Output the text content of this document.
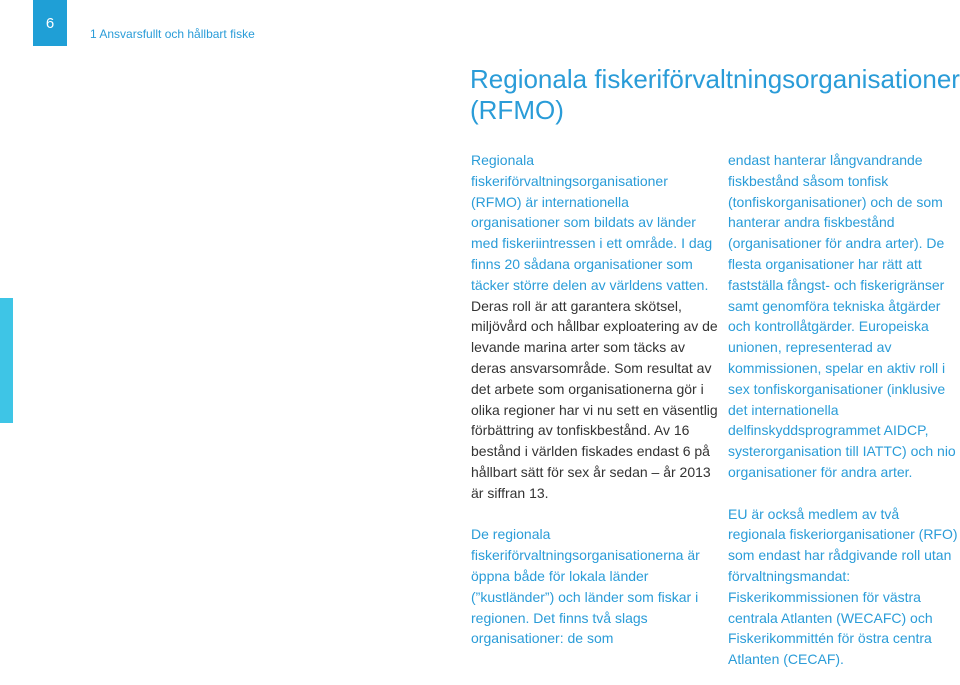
6
1 Ansvarsfullt och hållbart fiske
Regionala fiskeriförvaltningsorganisationer (RFMO)

Regionala fiskeriförvaltningsorganisationer (RFMO) är internationella organisationer som bildats av länder med fiskeriintressen i ett område. I dag finns 20 sådana organisationer som täcker större delen av världens vatten. Deras roll är att garantera skötsel, miljövård och hållbar exploatering av de levande marina arter som täcks av deras ansvarsområde. Som resultat av det arbete som organisationerna gör i olika regioner har vi nu sett en väsentlig förbättring av tonfiskbestånd. Av 16 bestånd i världen fiskades endast 6 på hållbart sätt för sex år sedan – år 2013 är siffran 13.

De regionala fiskeriförvaltningsorganisationerna är öppna både för lokala länder (”kustländer”) och länder som fiskar i regionen. Det finns två slags organisationer: de som

endast hanterar långvandrande fiskbestånd såsom tonfisk (tonfiskorganisationer) och de som hanterar andra fiskbestånd (organisationer för andra arter). De flesta organisationer har rätt att fastställa fångst- och fiskerigränser samt genomföra tekniska åtgärder och kontrollåtgärder. Europeiska unionen, representerad av kommissionen, spelar en aktiv roll i sex tonfiskorganisationer (inklusive det internationella delfinskyddsprogrammet AIDCP, systerorganisation till IATTC) och nio organisationer för andra arter.

EU är också medlem av två regionala fiskeriorganisationer (RFO) som endast har rådgivande roll utan förvaltningsmandat: Fiskerikommissionen för västra centrala Atlanten (WECAFC) och Fiskerikommittén för östra centra Atlanten (CECAF).
